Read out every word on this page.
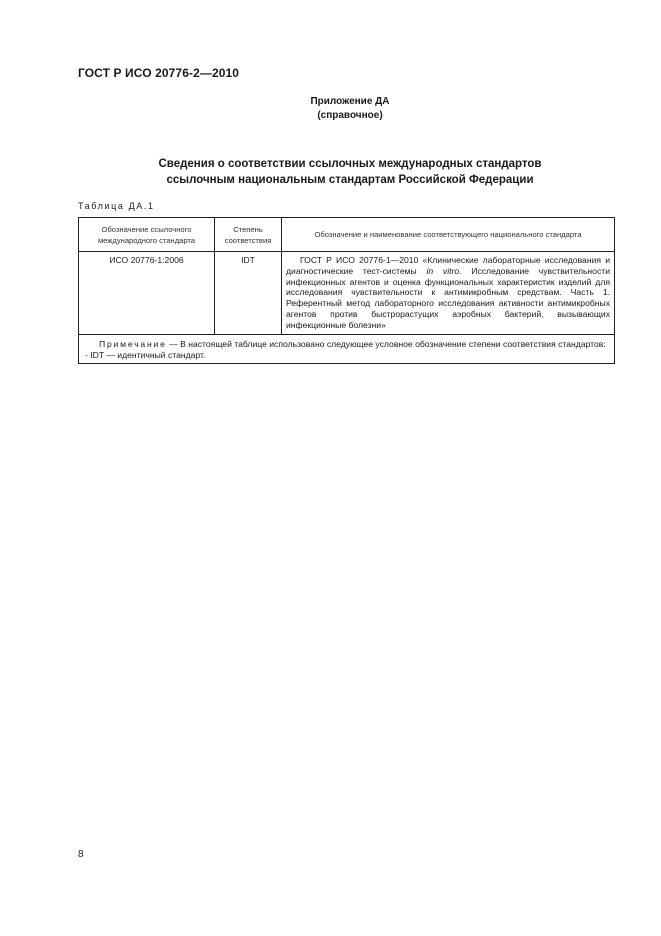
ГОСТ Р ИСО 20776-2—2010
Приложение ДА
(справочное)
Сведения о соответствии ссылочных международных стандартов
ссылочным национальным стандартам Российской Федерации
Таблица ДА.1
Обозначение ссылочного международного стандарта	Степень соответствия	Обозначение и наименование соответствующего национального стандарта
ИСО 20776-1:2006	IDT	ГОСТ Р ИСО 20776-1—2010 «Клинические лабораторные исследования и диагностические тест-системы in vitro. Исследование чувствительности инфекционных агентов и оценка функциональных характеристик изделий для исследования чувствительности к антимикробным средствам. Часть 1. Референтный метод лабораторного исследования активности антимикробных агентов против быстрорастущих аэробных бактерий, вызывающих инфекционные болезни»

Примечание — В настоящей таблице использовано следующее условное обозначение степени соответствия стандартов:
- IDT — идентичный стандарт.		
8
